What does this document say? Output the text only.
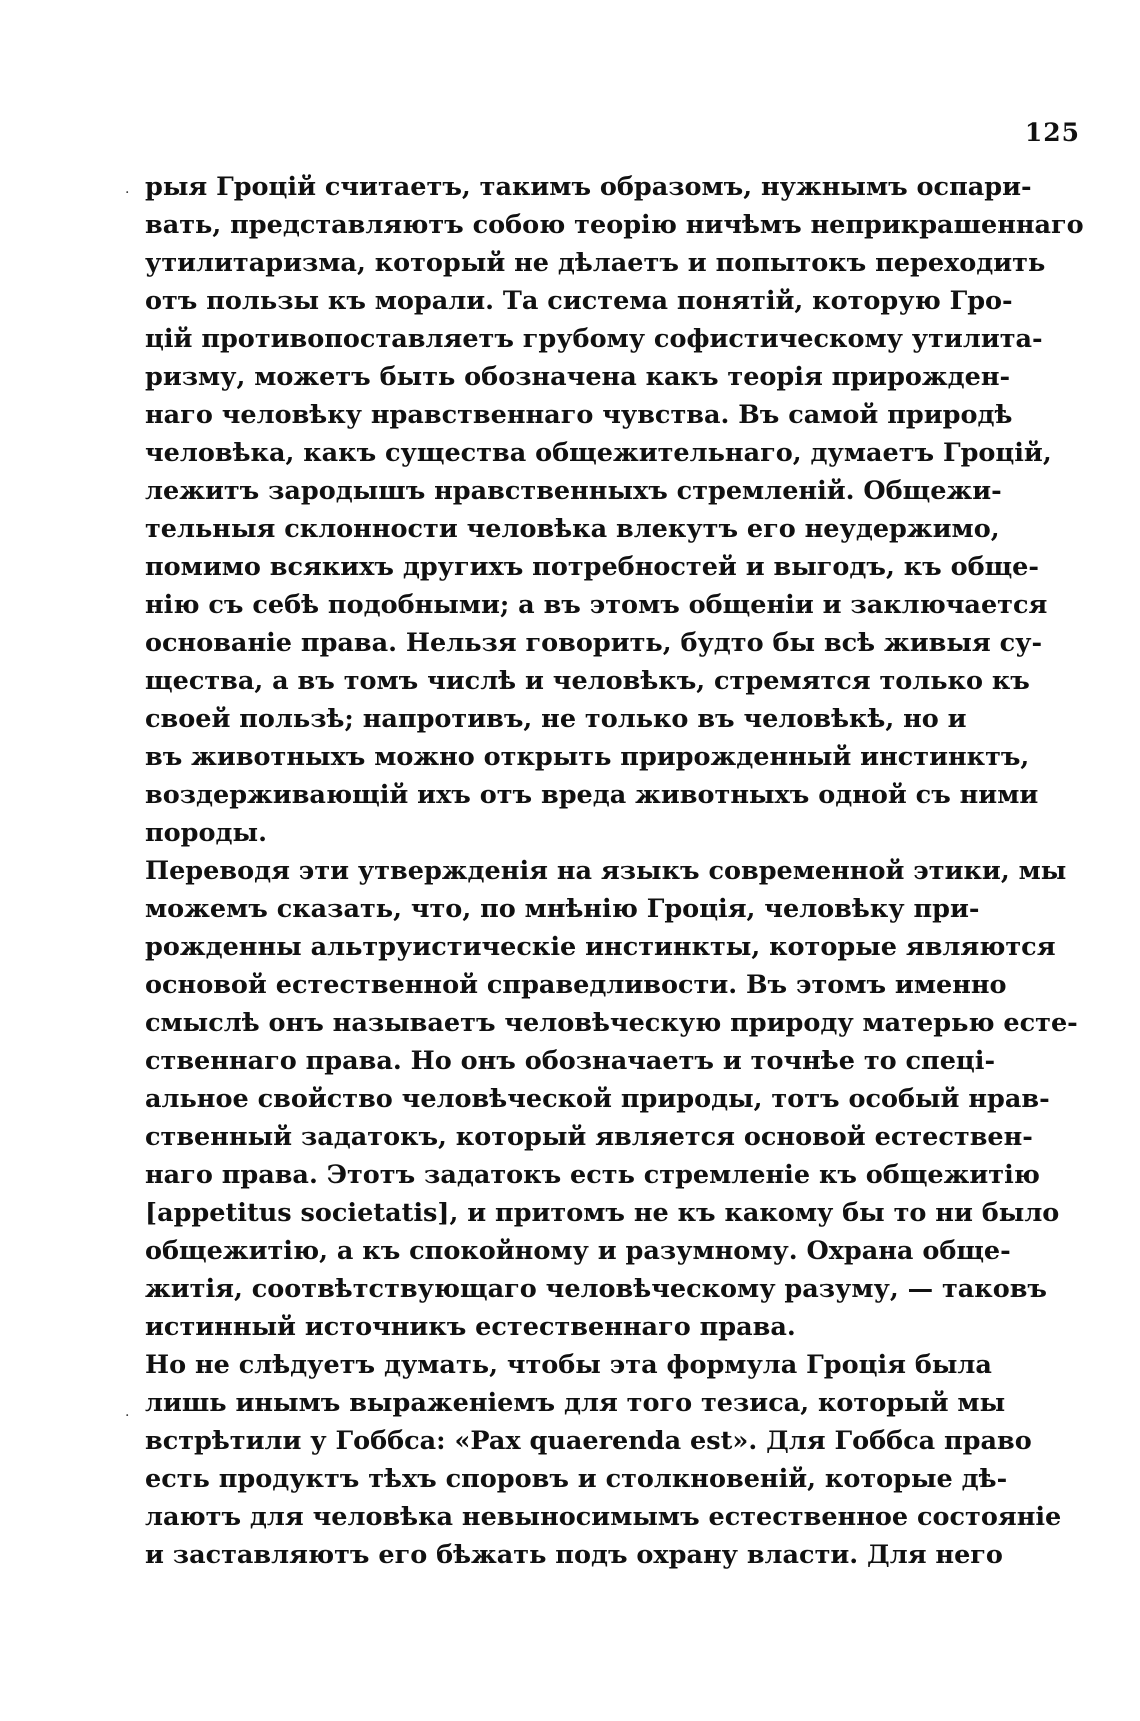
125
·
·
рыя Гроцій считаетъ, такимъ образомъ, нужнымъ оспари-
вать, представляютъ собою теорію ничѣмъ неприкрашеннаго
утилитаризма, который не дѣлаетъ и попытокъ переходить
отъ пользы къ морали. Та система понятій, которую Гро-
цій противопоставляетъ грубому софистическому утилита-
ризму, можетъ быть обозначена какъ теорія прирожден-
наго человѣку нравственнаго чувства. Въ самой природѣ
человѣка, какъ существа общежительнаго, думаетъ Гроцій,
лежитъ зародышъ нравственныхъ стремленій. Общежи-
тельныя склонности человѣка влекутъ его неудержимо,
помимо всякихъ другихъ потребностей и выгодъ, къ обще-
нію съ себѣ подобными; а въ этомъ общеніи и заключается
основаніе права. Нельзя говорить, будто бы всѣ живыя су-
щества, а въ томъ числѣ и человѣкъ, стремятся только къ
своей пользѣ; напротивъ, не только въ человѣкѣ, но и
въ животныхъ можно открыть прирожденный инстинктъ,
воздерживающій ихъ отъ вреда животныхъ одной съ ними
породы.
Переводя эти утвержденія на языкъ современной этики, мы
можемъ сказать, что, по мнѣнію Гроція, человѣку при-
рожденны альтруистическіе инстинкты, которые являются
основой естественной справедливости. Въ этомъ именно
смыслѣ онъ называетъ человѣческую природу матерью есте-
ственнаго права. Но онъ обозначаетъ и точнѣе то спеці-
альное свойство человѣческой природы, тотъ особый нрав-
ственный задатокъ, который является основой естествен-
наго права. Этотъ задатокъ есть стремленіе къ общежитію
[appetitus societatis], и притомъ не къ какому бы то ни было
общежитію, а къ спокойному и разумному. Охрана обще-
житія, соотвѣтствующаго человѣческому разуму, — таковъ
истинный источникъ естественнаго права.
Но не слѣдуетъ думать, чтобы эта формула Гроція была
лишь инымъ выраженіемъ для того тезиса, который мы
встрѣтили у Гоббса: «Pax quaerenda est». Для Гоббса право
есть продуктъ тѣхъ споровъ и столкновеній, которые дѣ-
лаютъ для человѣка невыносимымъ естественное состояніе
и заставляютъ его бѣжать подъ охрану власти. Для него
